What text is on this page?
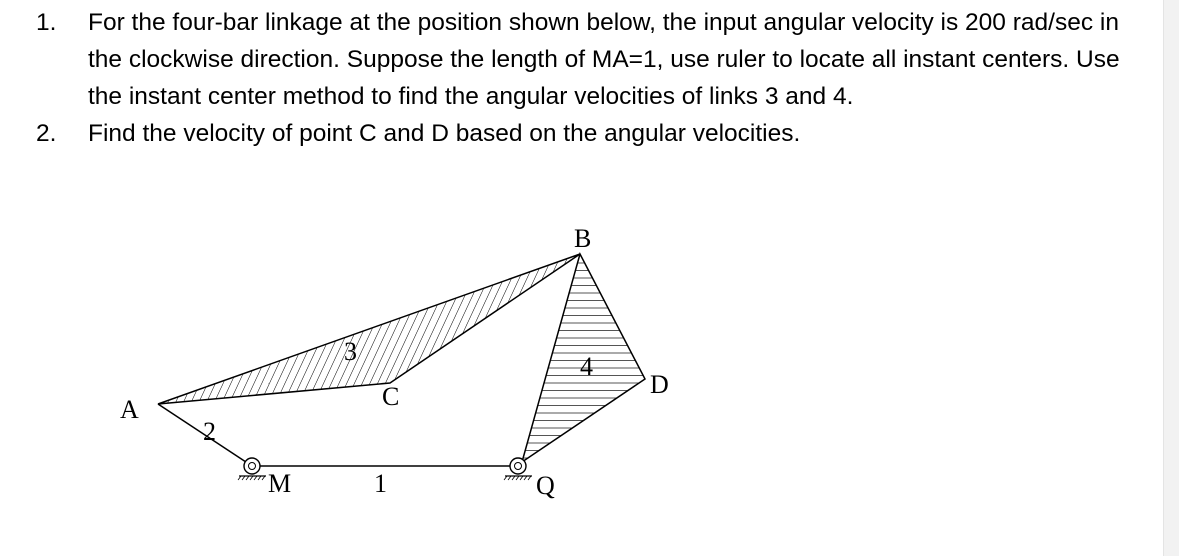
1. For the four-bar linkage at the position shown below, the input angular velocity is 200 rad/sec in the clockwise direction. Suppose the length of MA=1, use ruler to locate all instant centers. Use the instant center method to find the angular velocities of links 3 and 4.
2. Find the velocity of point C and D based on the angular velocities.
A
B
C	D
M	Q
1
2
3
4
